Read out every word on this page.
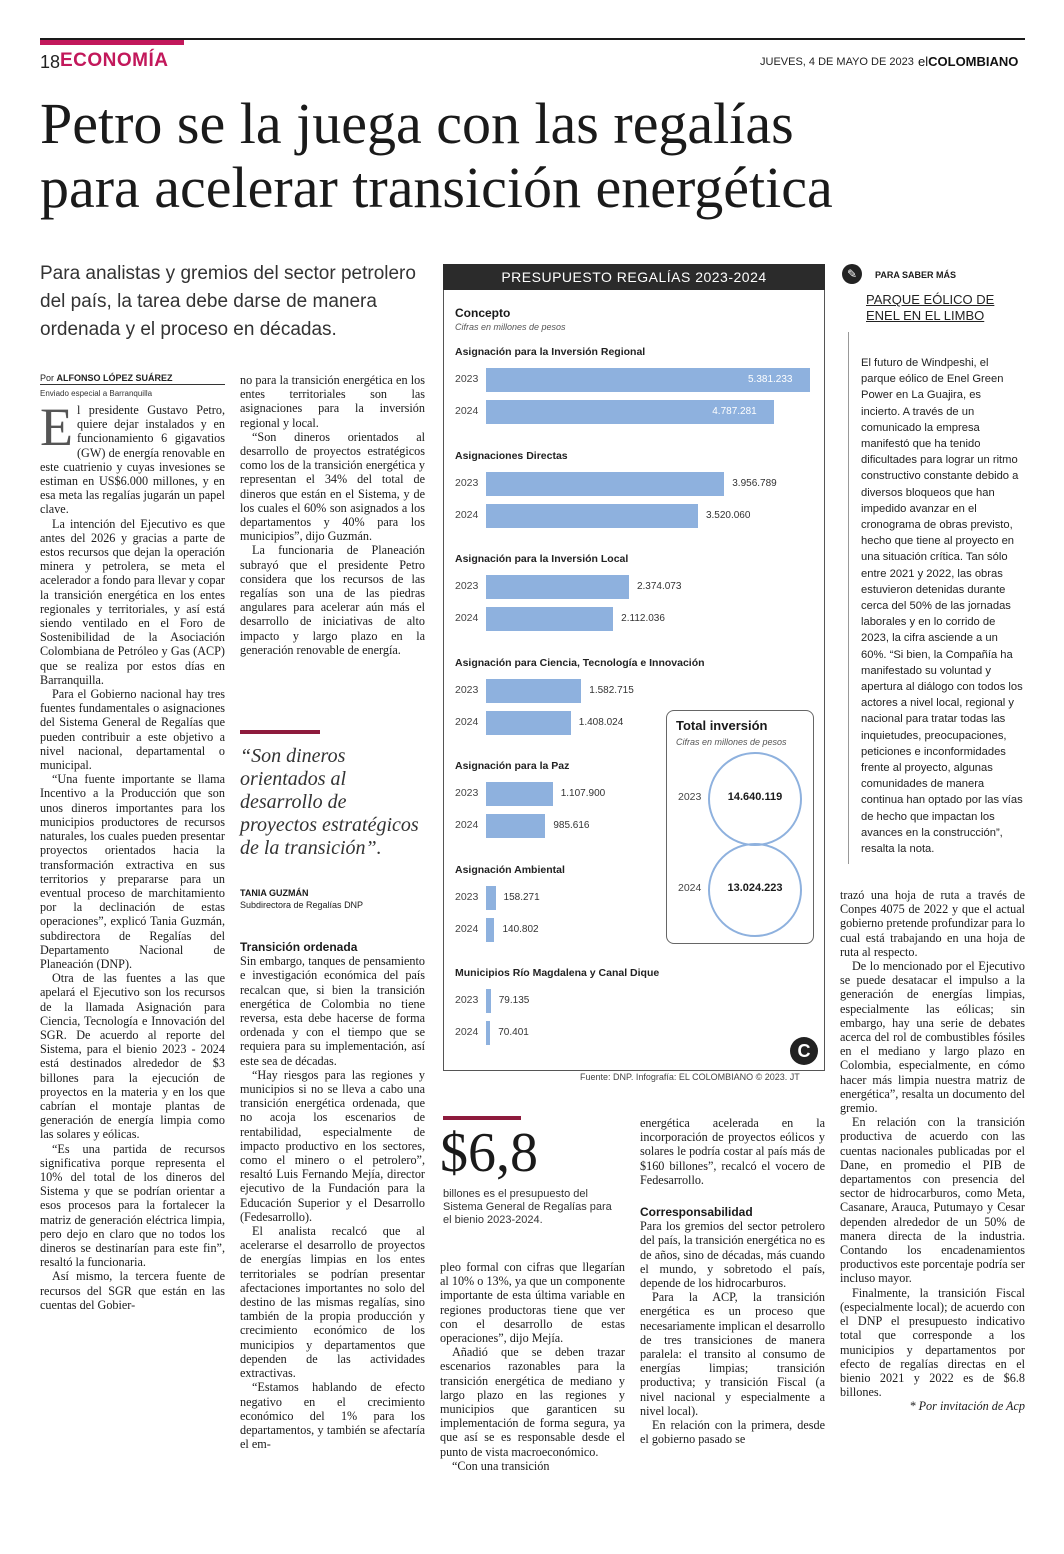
18 ECONOMÍA	JUEVES, 4 DE MAYO DE 2023 elCOLOMBIANO
Petro se la juega con las regalías
para acelerar transición energética
Para analistas y gremios del sector petrolero del país, la tarea debe darse de manera ordenada y el proceso en décadas.
Por ALFONSO LÓPEZ SUÁREZ
Enviado especial a Barranquilla

El presidente Gustavo Petro, quiere dejar instalados y en funcionamiento 6 gigavatios (GW) de energía renovable en este cuatrienio y cuyas invesiones se estiman en US$6.000 millones, y en esa meta las regalías jugarán un papel clave.

La intención del Ejecutivo es que antes del 2026 y gracias a parte de estos recursos que dejan la operación minera y petrolera, se meta el acelerador a fondo para llevar y copar la transición energética en los entes regionales y territoriales, y así está siendo ventilado en el Foro de Sostenibilidad de la Asociación Colombiana de Petróleo y Gas (ACP) que se realiza por estos días en Barranquilla.

Para el Gobierno nacional hay tres fuentes fundamentales o asignaciones del Sistema General de Regalías que pueden contribuir a este objetivo a nivel nacional, departamental o municipal.

“Una fuente importante se llama Incentivo a la Producción que son unos dineros importantes para los municipios productores de recursos naturales, los cuales pueden presentar proyectos orientados hacia la transformación extractiva en sus territorios y prepararse para un eventual proceso de marchitamiento por la declinación de estas operaciones”, explicó Tania Guzmán, subdirectora de Regalías del Departamento Nacional de Planeación (DNP).

Otra de las fuentes a las que apelará el Ejecutivo son los recursos de la llamada Asignación para Ciencia, Tecnología e Innovación del SGR. De acuerdo al reporte del Sistema, para el bienio 2023 - 2024 está destinados alrededor de $3 billones para la ejecución de proyectos en la materia y en los que cabrían el montaje plantas de generación de energía limpia como las solares y eólicas.

“Es una partida de recursos significativa porque representa el 10% del total de los dineros del Sistema y que se podrían orientar a esos procesos para la fortalecer la matriz de generación eléctrica limpia, pero dejo en claro que no todos los dineros se destinarían para este fin”, resaltó la funcionaria.

Así mismo, la tercera fuente de recursos del SGR que están en las cuentas del Gobier-

no para la transición energética en los entes territoriales son las asignaciones para la inversión regional y local.

“Son dineros orientados al desarrollo de proyectos estratégicos como los de la transición energética y representan el 34% del total de dineros que están en el Sistema, y de los cuales el 60% son asignados a los departamentos y 40% para los municipios”, dijo Guzmán.

La funcionaria de Planeación subrayó que el presidente Petro considera que los recursos de las regalías son una de las piedras angulares para acelerar aún más el desarrollo de iniciativas de alto impacto y largo plazo en la generación renovable de energía.

“Son dineros orientados al desarrollo de proyectos estratégicos de la transición”.
TANIA GUZMÁN
Subdirectora de Regalías DNP
Transición ordenada

Sin embargo, tanques de pensamiento e investigación económica del país recalcan que, si bien la transición energética de Colombia no tiene reversa, esta debe hacerse de forma ordenada y con el tiempo que se requiera para su implementación, así este sea de décadas.

“Hay riesgos para las regiones y municipios si no se lleva a cabo una transición energética ordenada, que no acoja los escenarios de rentabilidad, especialmente de impacto productivo en los sectores, como el minero o el petrolero”, resaltó Luis Fernando Mejía, director ejecutivo de la Fundación para la Educación Superior y el Desarrollo (Fedesarrollo).

El analista recalcó que al acelerarse el desarrollo de proyectos de energías limpias en los entes territoriales se podrían presentar afectaciones importantes no solo del destino de las mismas regalías, sino también de la propia producción y crecimiento económico de los municipios y departamentos que dependen de las actividades extractivas.

“Estamos hablando de efecto negativo en el crecimiento económico del 1% para los departamentos, y también se afectaría el em-

PRESUPUESTO REGALÍAS 2023-2024
Concepto
Cifras en millones de pesos
Asignación para la Inversión Regional
2023	5.381.233
2024	4.787.281
Asignaciones Directas
2023	3.956.789
2024	3.520.060
Asignación para la Inversión Local
2023	2.374.073
2024	2.112.036
Asignación para Ciencia, Tecnología e Innovación
2023	1.582.715
2024	1.408.024
Asignación para la Paz
2023	1.107.900
2024	985.616
Asignación Ambiental
2023	158.271
2024 140.802
Municipios Río Magdalena y Canal Dique
2023 79.135
2024 70.401
Total inversión
Cifras en millones de pesos
2023	14.640.119
2024	13.024.223
C
Fuente: DNP. Infografía: EL COLOMBIANO © 2023. JT
$6,8
billones es el presupuesto del Sistema General de Regalías para el bienio 2023-2024.

pleo formal con cifras que llegarían al 10% o 13%, ya que un componente importante de esta última variable en regiones productoras tiene que ver con el desarrollo de estas operaciones”, dijo Mejía.

Añadió que se deben trazar escenarios razonables para la transición energética de mediano y largo plazo en las regiones y municipios que garanticen su implementación de forma segura, ya que así se es responsable desde el punto de vista macroeconómico.

“Con una transición

energética acelerada en la incorporación de proyectos eólicos y solares le podría costar al país más de $160 billones”, recalcó el vocero de Fedesarrollo.

Corresponsabilidad

Para los gremios del sector petrolero del país, la transición energética no es de años, sino de décadas, más cuando el mundo, y sobretodo el país, depende de los hidrocarburos.

Para la ACP, la transición energética es un proceso que necesariamente implican el desarrollo de tres transiciones de manera paralela: el transito al consumo de energías limpias; transición productiva; y transición Fiscal (a nivel nacional y especialmente a nivel local).

En relación con la primera, desde el gobierno pasado se

✎	PARA SABER MÁS
PARQUE EÓLICO DE ENEL EN EL LIMBO
El futuro de Windpeshi, el parque eólico de Enel Green Power en La Guajira, es incierto. A través de un comunicado la empresa manifestó que ha tenido dificultades para lograr un ritmo constructivo constante debido a diversos bloqueos que han impedido avanzar en el cronograma de obras previsto, hecho que tiene al proyecto en una situación crítica. Tan sólo entre 2021 y 2022, las obras estuvieron detenidas durante cerca del 50% de las jornadas laborales y en lo corrido de 2023, la cifra asciende a un 60%. “Si bien, la Compañía ha manifestado su voluntad y apertura al diálogo con todos los actores a nivel local, regional y nacional para tratar todas las inquietudes, preocupaciones, peticiones e inconformidades frente al proyecto, algunas comunidades de manera continua han optado por las vías de hecho que impactan los avances en la construcción”, resalta la nota.

trazó una hoja de ruta a través de Conpes 4075 de 2022 y que el actual gobierno pretende profundizar para lo cual está trabajando en una hoja de ruta al respecto.

De lo mencionado por el Ejecutivo se puede desatacar el impulso a la generación de energías limpias, especialmente las eólicas; sin embargo, hay una serie de debates acerca del rol de combustibles fósiles en el mediano y largo plazo en Colombia, especialmente, en cómo hacer más limpia nuestra matriz de energética”, resalta un documento del gremio.

En relación con la transición productiva de acuerdo con las cuentas nacionales publicadas por el Dane, en promedio el PIB de departamentos con presencia del sector de hidrocarburos, como Meta, Casanare, Arauca, Putumayo y Cesar dependen alrededor de un 50% de manera directa de la industria. Contando los encadenamientos productivos este porcentaje podría ser incluso mayor.

Finalmente, la transición Fiscal (especialmente local); de acuerdo con el DNP el presupuesto indicativo total que corresponde a los municipios y departamentos por efecto de regalías directas en el bienio 2021 y 2022 es de $6.8 billones.

* Por invitación de Acp
